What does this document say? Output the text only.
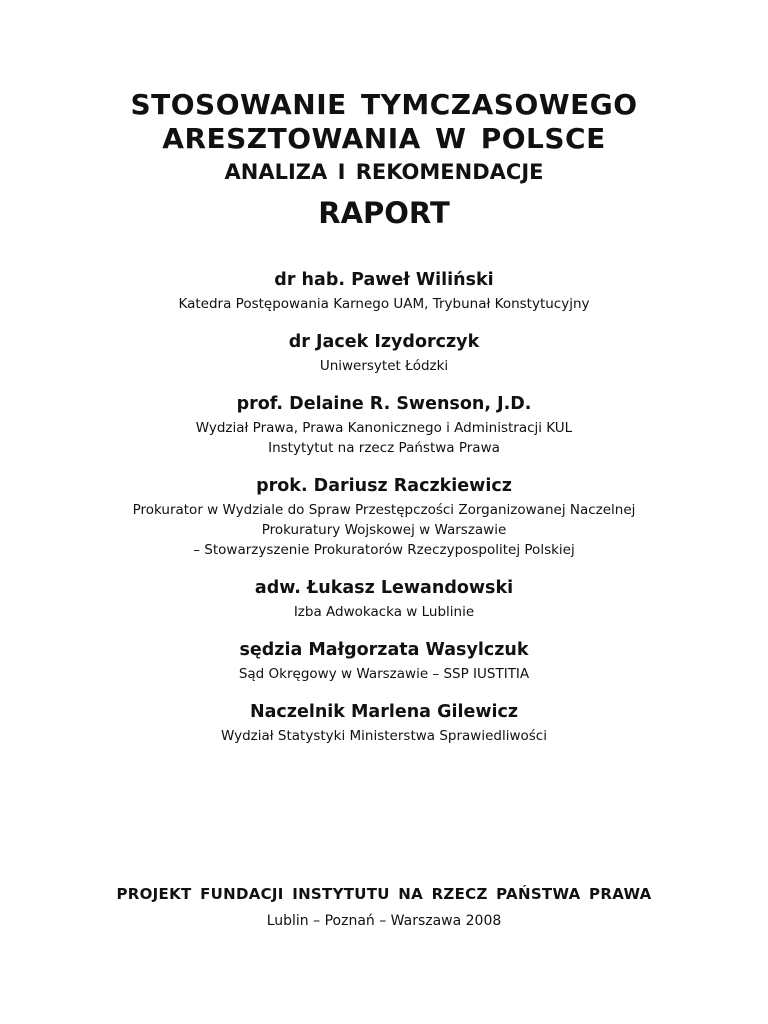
STOSOWANIE TYMCZASOWEGO
ARESZTOWANIA W POLSCE
ANALIZA I REKOMENDACJE
RAPORT
dr hab. Paweł Wiliński
Katedra Postępowania Karnego UAM, Trybunał Konstytucyjny
dr Jacek Izydorczyk
Uniwersytet Łódzki
prof. Delaine R. Swenson, J.D.
Wydział Prawa, Prawa Kanonicznego i Administracji KUL
Instytytut na rzecz Państwa Prawa
prok. Dariusz Raczkiewicz
Prokurator w Wydziale do Spraw Przestępczości Zorganizowanej Naczelnej
Prokuratury Wojskowej w Warszawie
– Stowarzyszenie Prokuratorów Rzeczypospolitej Polskiej
adw. Łukasz Lewandowski
Izba Adwokacka w Lublinie
sędzia Małgorzata Wasylczuk
Sąd Okręgowy w Warszawie – SSP IUSTITIA
Naczelnik Marlena Gilewicz
Wydział Statystyki Ministerstwa Sprawiedliwości
PROJEKT FUNDACJI INSTYTUTU NA RZECZ PAŃSTWA PRAWA
Lublin – Poznań – Warszawa 2008
